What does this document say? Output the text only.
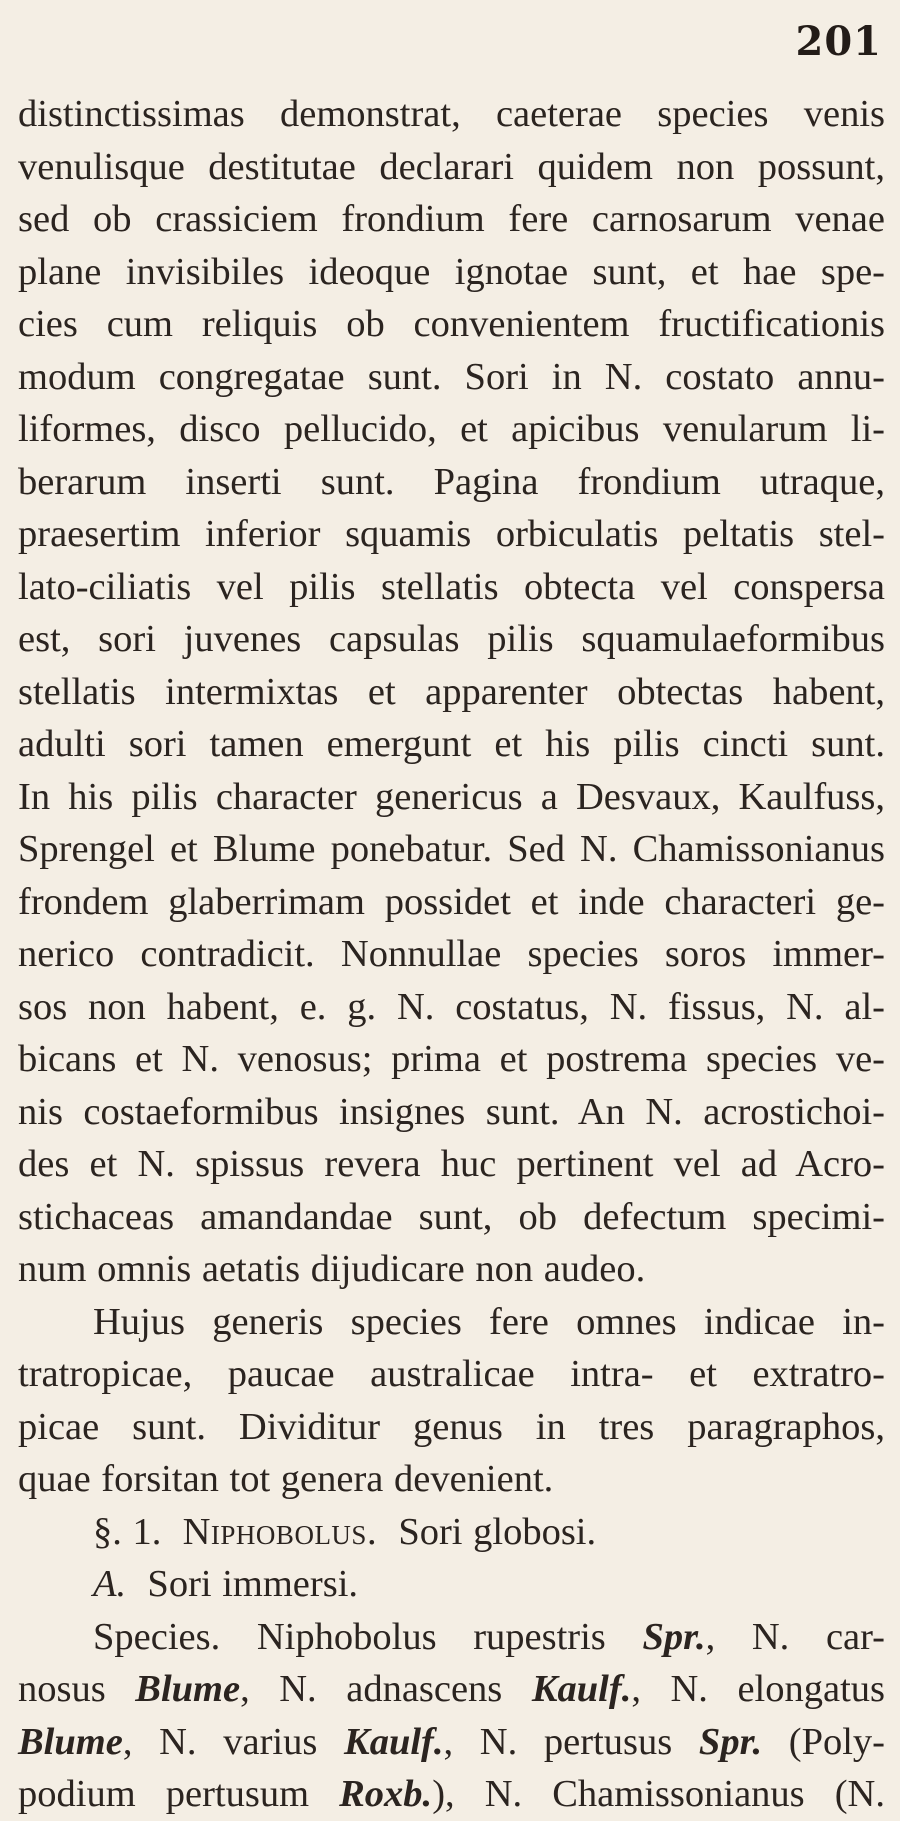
201

distinctissimas demonstrat, caeterae species venis
venulisque destitutae declarari quidem non possunt,
sed ob crassiciem frondium fere carnosarum venae
plane invisibiles ideoque ignotae sunt, et hae spe-
cies cum reliquis ob convenientem fructificationis
modum congregatae sunt. Sori in N. costato annu-
liformes, disco pellucido, et apicibus venularum li-
berarum inserti sunt. Pagina frondium utraque,
praesertim inferior squamis orbiculatis peltatis stel-
lato-ciliatis vel pilis stellatis obtecta vel conspersa
est, sori juvenes capsulas pilis squamulaeformibus
stellatis intermixtas et apparenter obtectas habent,
adulti sori tamen emergunt et his pilis cincti sunt.
In his pilis character genericus a Desvaux, Kaulfuss,
Sprengel et Blume ponebatur. Sed N. Chamissonianus
frondem glaberrimam possidet et inde characteri ge-
nerico contradicit. Nonnullae species soros immer-
sos non habent, e. g. N. costatus, N. fissus, N. al-
bicans et N. venosus; prima et postrema species ve-
nis costaeformibus insignes sunt. An N. acrostichoi-
des et N. spissus revera huc pertinent vel ad Acro-
stichaceas amandandae sunt, ob defectum specimi-
num omnis aetatis dijudicare non audeo.

Hujus generis species fere omnes indicae in-
tratropicae, paucae australicae intra- et extratro-
picae sunt. Dividitur genus in tres paragraphos,
quae forsitan tot genera devenient.

§. 1. Niphobolus. Sori globosi.

A. Sori immersi.

Species. Niphobolus rupestris Spr., N. car-
nosus Blume, N. adnascens Kaulf., N. elongatus
Blume, N. varius Kaulf., N. pertusus Spr. (Poly-
podium pertusum Roxb.), N. Chamissonianus (N.
